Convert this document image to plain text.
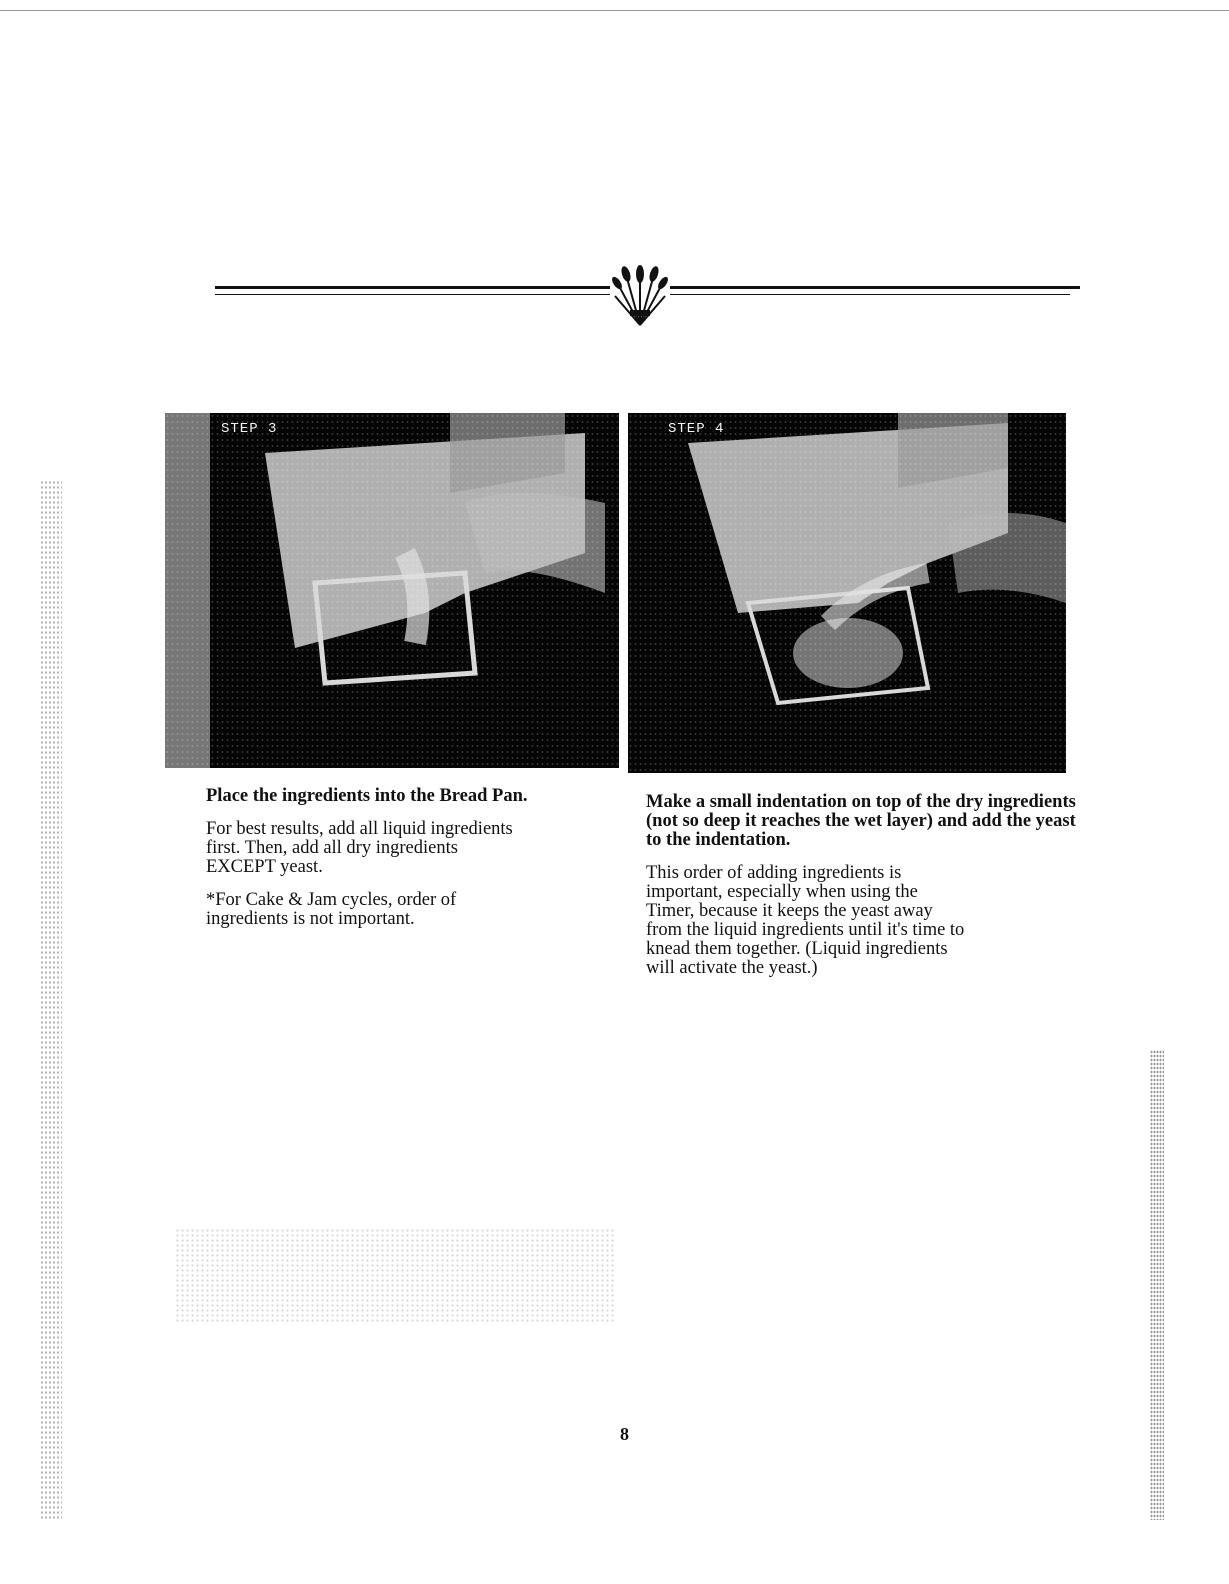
STEP 3	STEP 4

Place the ingredients into the Bread Pan.

For best results, add all liquid ingredients
first. Then, add all dry ingredients
EXCEPT yeast.

*For Cake & Jam cycles, order of
ingredients is not important.

Make a small indentation on top of the dry ingredients (not so deep it reaches the wet layer) and add the yeast to the indentation.

This order of adding ingredients is
important, especially when using the
Timer, because it keeps the yeast away
from the liquid ingredients until it's time to
knead them together. (Liquid ingredients
will activate the yeast.)

8
